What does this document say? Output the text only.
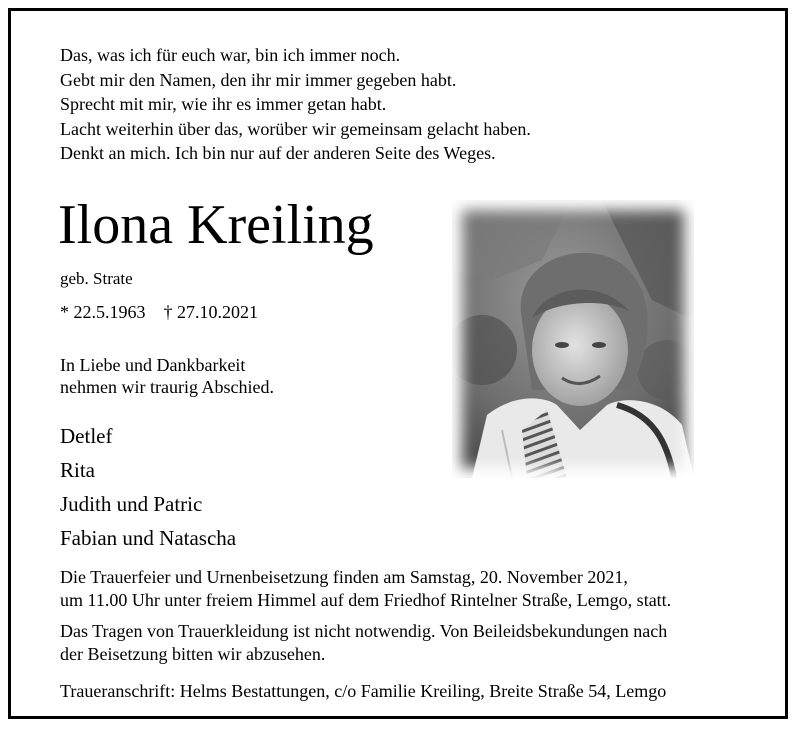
Das, was ich für euch war, bin ich immer noch.
Gebt mir den Namen, den ihr mir immer gegeben habt.
Sprecht mit mir, wie ihr es immer getan habt.
Lacht weiterhin über das, worüber wir gemeinsam gelacht haben.
Denkt an mich. Ich bin nur auf der anderen Seite des Weges.
Ilona Kreiling
geb. Strate
* 22.5.1963 † 27.10.2021
In Liebe und Dankbarkeit
nehmen wir traurig Abschied.
Detlef
Rita
Judith und Patric
Fabian und Natascha
Die Trauerfeier und Urnenbeisetzung finden am Samstag, 20. November 2021,
um 11.00 Uhr unter freiem Himmel auf dem Friedhof Rintelner Straße, Lemgo, statt.
Das Tragen von Trauerkleidung ist nicht notwendig. Von Beileidsbekundungen nach
der Beisetzung bitten wir abzusehen.
Traueranschrift: Helms Bestattungen, c/o Familie Kreiling, Breite Straße 54, Lemgo
